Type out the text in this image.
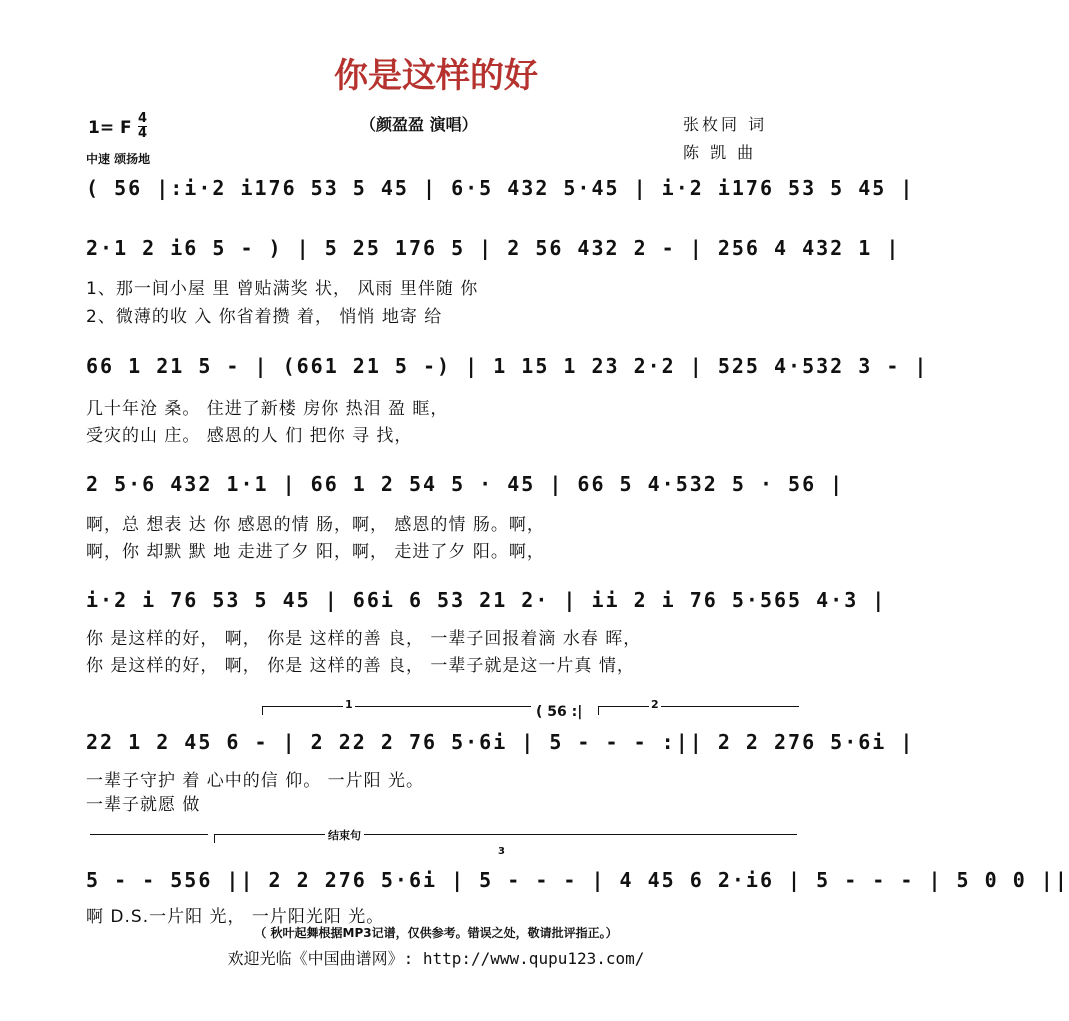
你是这样的好
（颜盈盈 演唱）	张枚同 词
陈 凯 曲
1= F 4
4
中速 颂扬地
( 56 |:i·2 i176 53 5 45 | 6·5 432 5·45 | i·2 i176 53 5 45 |
2·1 2 i6 5 - ) | 5 25 176 5 | 2 56 432 2 - | 256 4 432 1 |
1、那一间小屋 里 曾贴满奖 状， 风雨 里伴随 你
2、微薄的收 入 你省着攒 着， 悄悄 地寄 给
66 1 21 5 - | (661 21 5 -) | 1 15 1 23 2·2 | 525 4·532 3 - |
几十年沧 桑。 住进了新楼 房你 热泪 盈 眶，
受灾的山 庄。 感恩的人 们 把你 寻 找，
2 5·6 432 1·1 | 66 1 2 54 5 · 45 | 66 5 4·532 5 · 56 |
啊，总 想表 达 你 感恩的情 肠，啊， 感恩的情 肠。啊，
啊，你 却默 默 地 走进了夕 阳，啊， 走进了夕 阳。啊，
i·2 i 76 53 5 45 | 66i 6 53 21 2· | ii 2 i 76 5·565 4·3 |
你 是这样的好， 啊， 你是 这样的善 良， 一辈子回报着滴 水春 晖，
你 是这样的好， 啊， 你是 这样的善 良， 一辈子就是这一片真 情，
1	( 56 :|	2
22 1 2 45 6 - | 2 22 2 76 5·6i | 5 - - - :|| 2 2 276 5·6i |
一辈子守护 着 心中的信 仰。 一片阳 光。
一辈子就愿 做
结束句
3
5 - - 556 || 2 2 276 5·6i | 5 - - - | 4 45 6 2·i6 | 5 - - - | 5 0 0 ||
啊 D.S.一片阳 光， 一片阳光阳 光。
（ 秋叶起舞根据MP3记谱，仅供参考。错误之处，敬请批评指正。）
欢迎光临《中国曲谱网》: http://www.qupu123.com/
